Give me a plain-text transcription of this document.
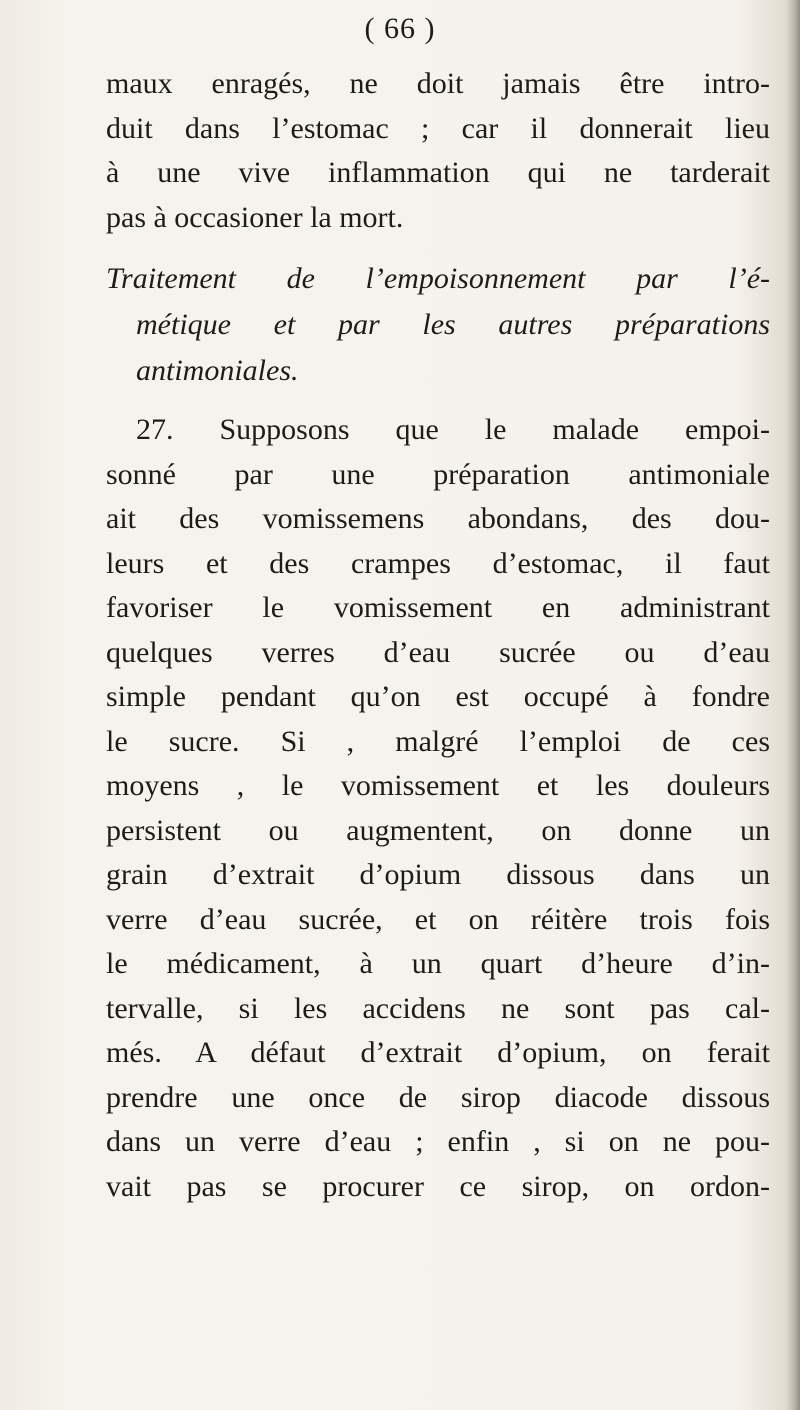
( 66 )
maux enragés, ne doit jamais être intro-
duit dans l’estomac ; car il donnerait lieu
à une vive inflammation qui ne tarderait
pas à occasioner la mort.
Traitement de l’empoisonnement par l’é-
métique et par les autres préparations
antimoniales.
27. Supposons que le malade empoi-
sonné par une préparation antimoniale
ait des vomissemens abondans, des dou-
leurs et des crampes d’estomac, il faut
favoriser le vomissement en administrant
quelques verres d’eau sucrée ou d’eau
simple pendant qu’on est occupé à fondre
le sucre. Si , malgré l’emploi de ces
moyens , le vomissement et les douleurs
persistent ou augmentent, on donne un
grain d’extrait d’opium dissous dans un
verre d’eau sucrée, et on réitère trois fois
le médicament, à un quart d’heure d’in-
tervalle, si les accidens ne sont pas cal-
més. A défaut d’extrait d’opium, on ferait
prendre une once de sirop diacode dissous
dans un verre d’eau ; enfin , si on ne pou-
vait pas se procurer ce sirop, on ordon-
